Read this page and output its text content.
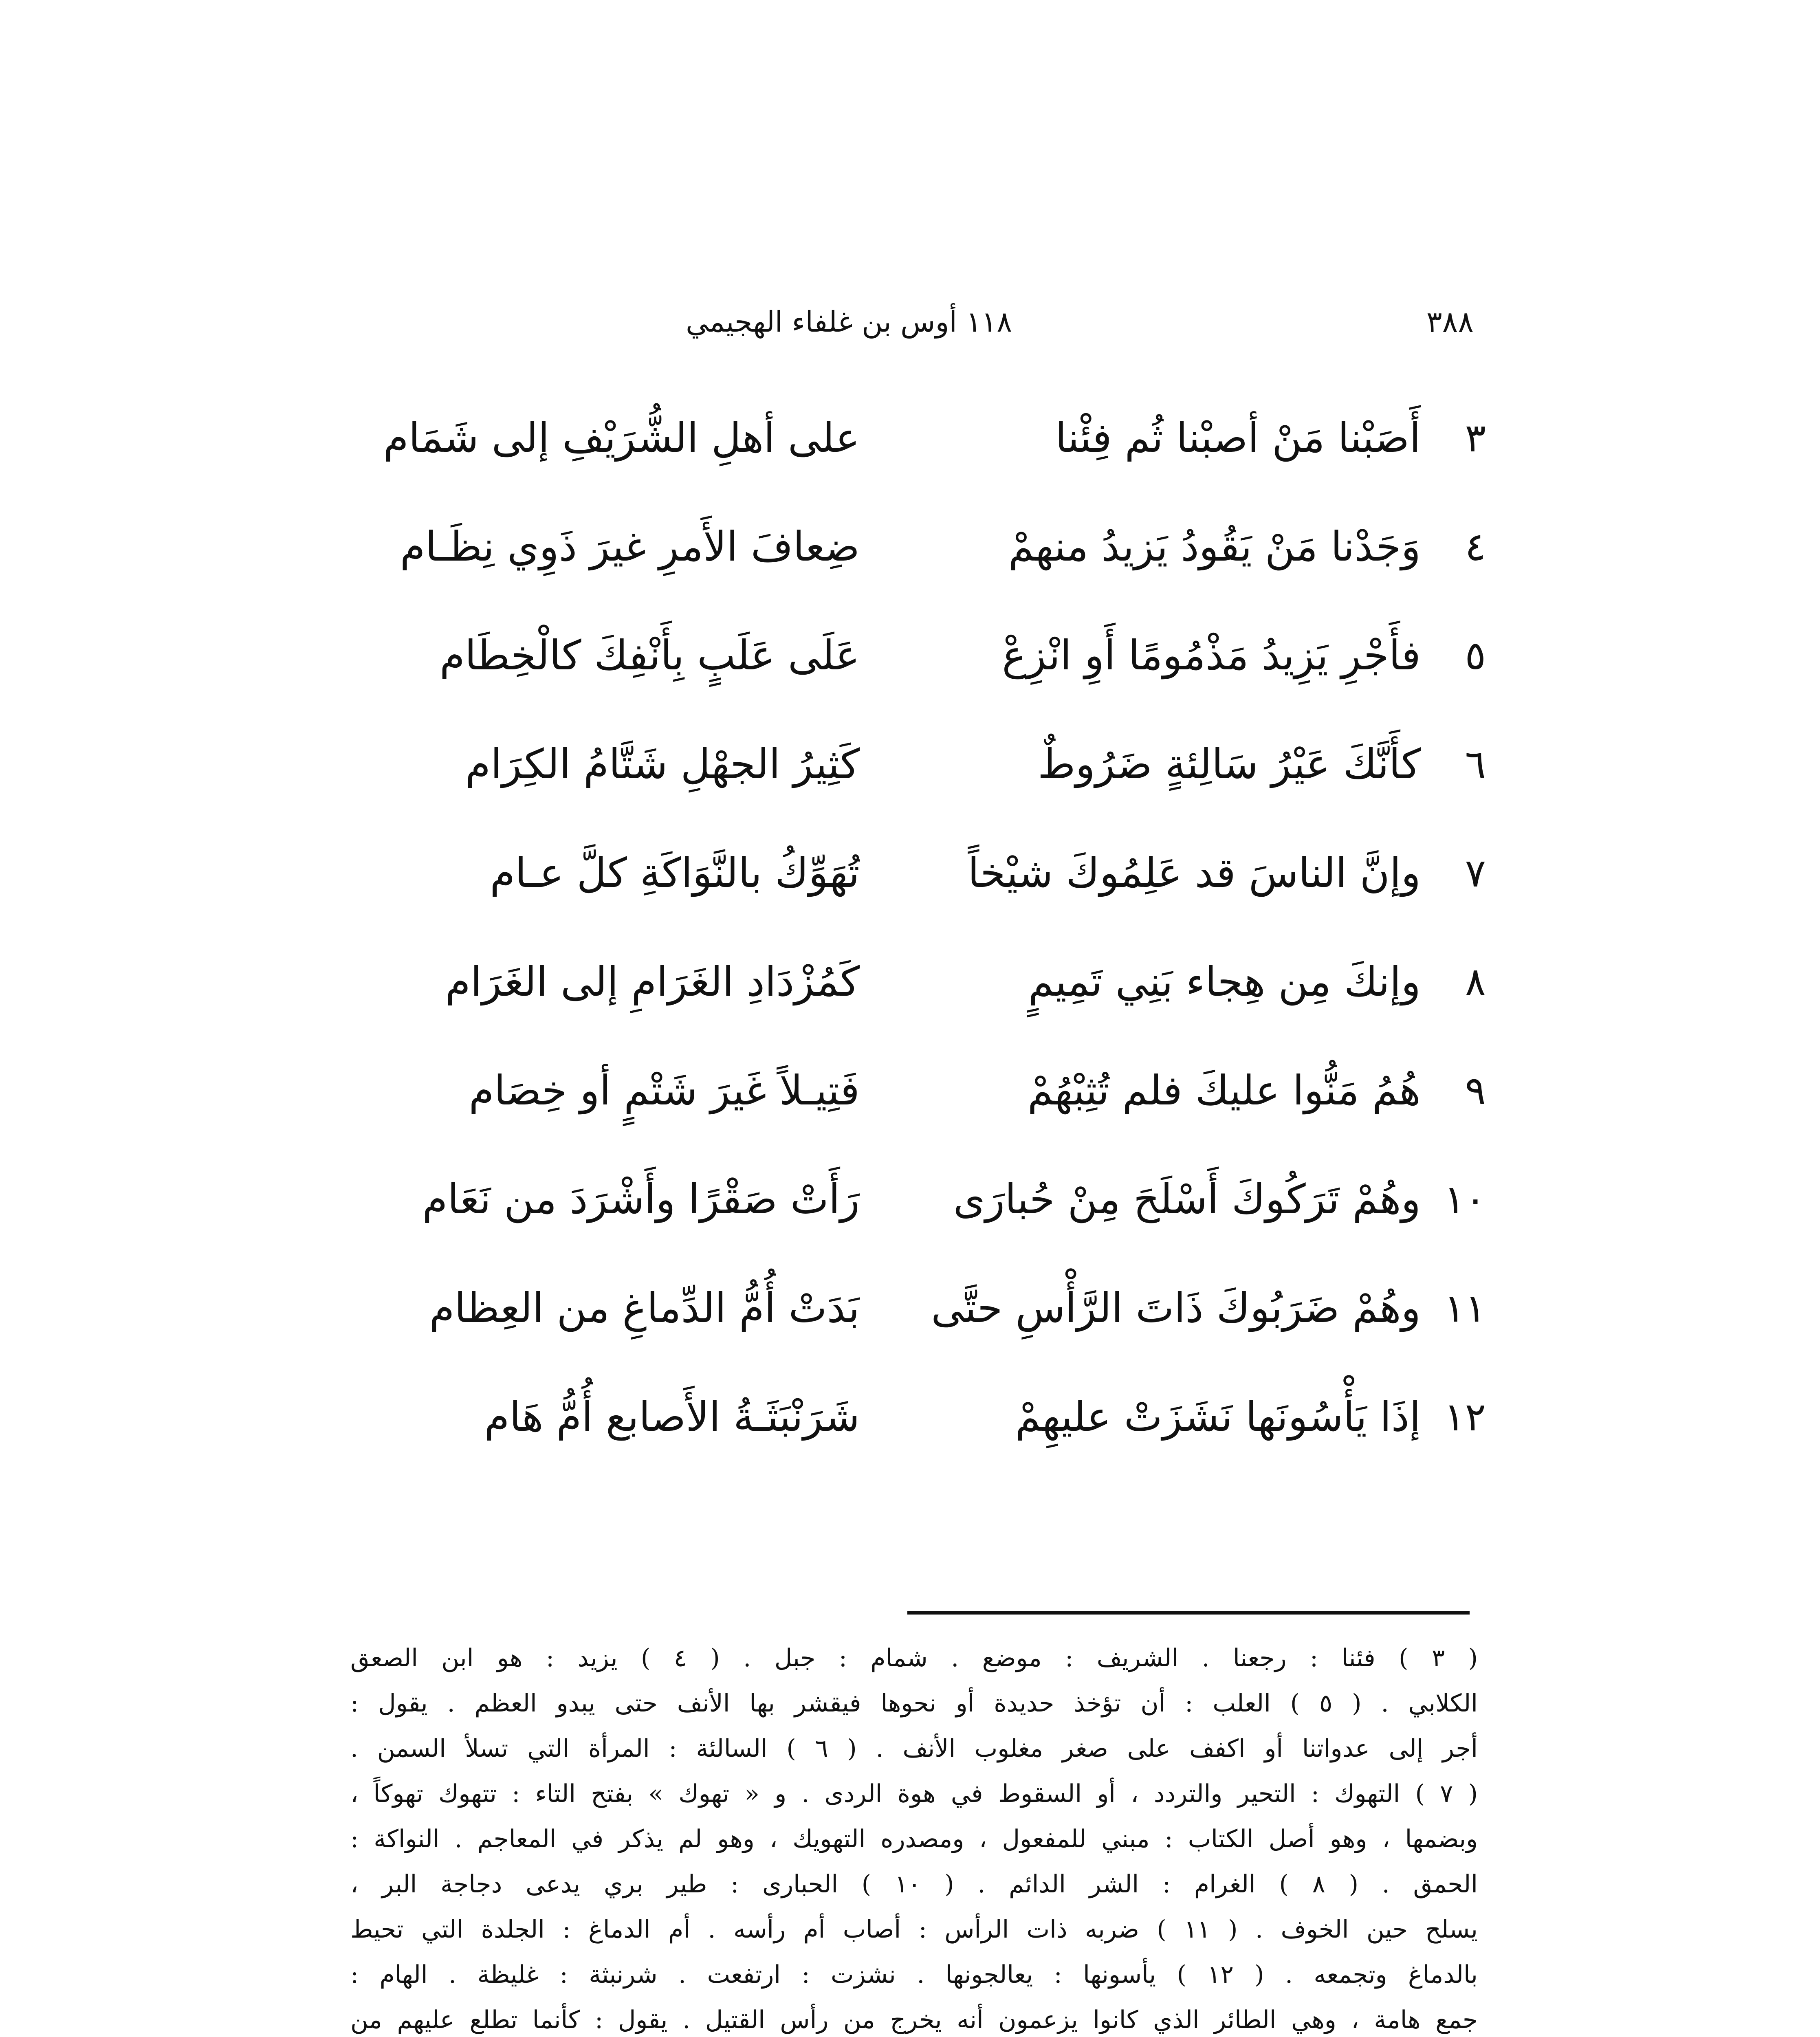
٣٨٨
١١٨ أوس بن غلفاء الهجيمي
٣
أَصَبْنا مَنْ أصبْنا ثُم فِئْنا
على أهلِ الشُّرَيْفِ إلى شَمَام
٤
وَجَدْنا مَنْ يَقُودُ يَزيدُ منهمْ
ضِعافَ الأَمرِ غيرَ ذَوِي نِظَـام
٥
فأَجْرِ يَزِيدُ مَذْمُومًا أَوِ انْزِعْ
عَلَى عَلَبٍ بِأَنْفِكَ كالْخِطَام
٦
كأَنَّكَ عَيْرُ سَالِئةٍ ضَرُوطٌ
كَثِيرُ الجهْلِ شَتَّامُ الكِرَام
٧
وإنَّ الناسَ قد عَلِمُوكَ شيْخاً
تُهَوِّكُ بالنَّوَاكَةِ كلَّ عـام
٨
وإنكَ مِن هِجاء بَنِي تَمِيمٍ
كَمُزْدَادِ الغَرَامِ إلى الغَرَام
٩
هُمُ مَنُّوا عليكَ فلم تُثِبْهُمْ
فَتِيـلاً غَيرَ شَتْمٍ أو خِصَام
١٠
وهُمْ تَرَكُوكَ أَسْلَحَ مِنْ حُبارَى
رَأَتْ صَقْرًا وأَشْرَدَ من نَعَام
١١
وهُمْ ضَرَبُوكَ ذَاتَ الرَّأْسِ حتَّى
بَدَتْ أُمُّ الدِّماغِ من العِظام
١٢
إذَا يَأْسُونَها نَشَزَتْ عليهِمْ
شَرَنْبَثَـةُ الأَصابع أُمُّ هَام
( ٣ ) فئنا : رجعنا . الشريف : موضع . شمام : جبل . ( ٤ ) يزيد : هو ابن الصعق
الكلابي . ( ٥ ) العلب : أن تؤخذ حديدة أو نحوها فيقشر بها الأنف حتى يبدو العظم . يقول :
أجر إلى عدواتنا أو اكفف على صغر مغلوب الأنف . ( ٦ ) السالئة : المرأة التي تسلأ السمن .
( ٧ ) التهوك : التحير والتردد ، أو السقوط في هوة الردى . و « تهوك » بفتح التاء : تتهوك تهوكاً ،
وبضمها ، وهو أصل الكتاب : مبني للمفعول ، ومصدره التهويك ، وهو لم يذكر في المعاجم . النواكة :
الحمق . ( ٨ ) الغرام : الشر الدائم . ( ١٠ ) الحبارى : طير بري يدعى دجاجة البر ،
يسلح حين الخوف . ( ١١ ) ضربه ذات الرأس : أصاب أم رأسه . أم الدماغ : الجلدة التي تحيط
بالدماغ وتجمعه . ( ١٢ ) يأسونها : يعالجونها . نشزت : ارتفعت . شرنبثة : غليظة . الهام :
جمع هامة ، وهي الطائر الذي كانوا يزعمون أنه يخرج من رأس القتيل . يقول : كأنما تطلع عليهم من
